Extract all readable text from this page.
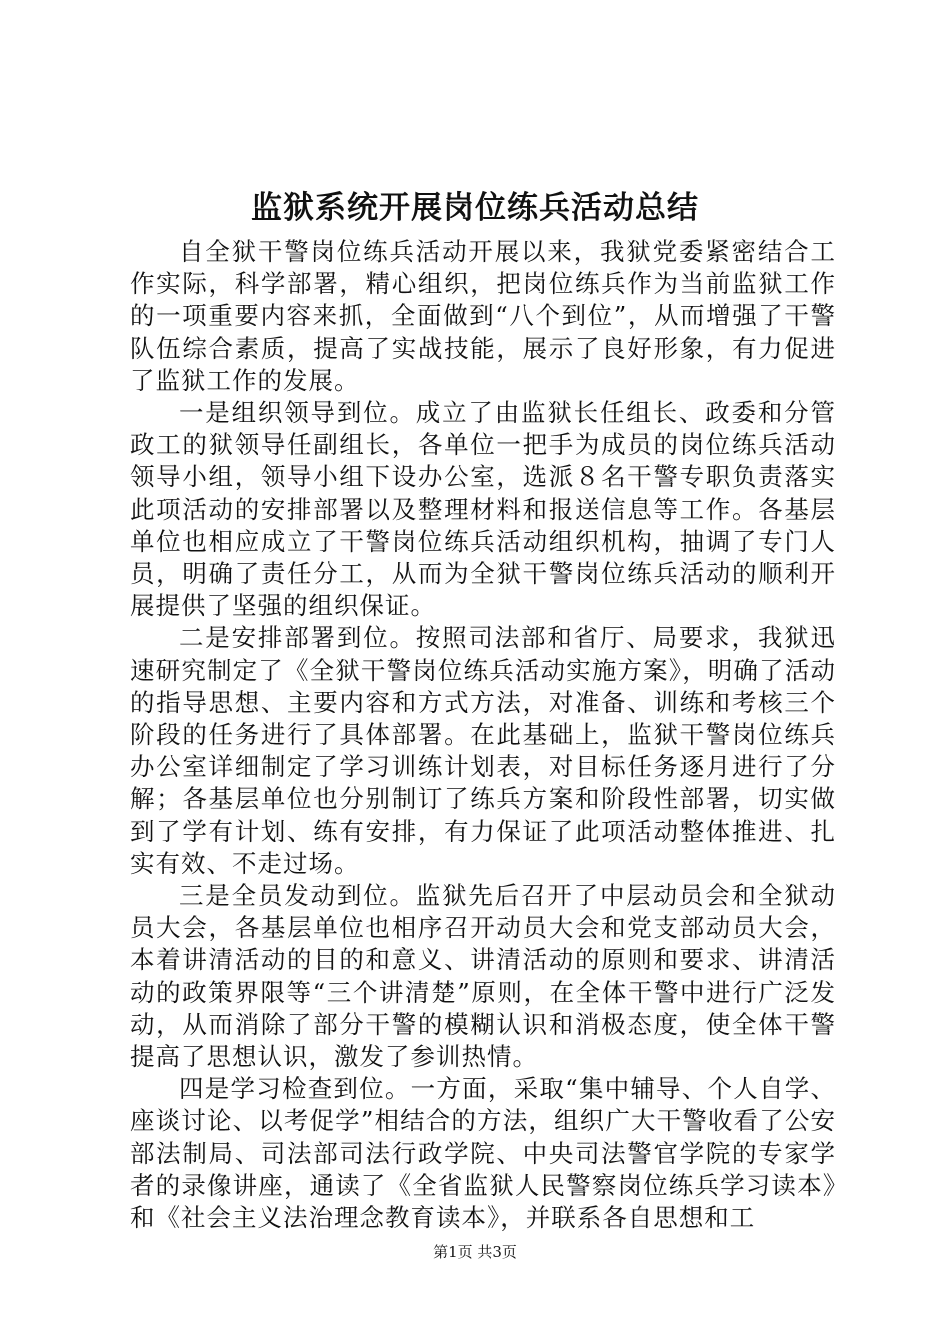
监狱系统开展岗位练兵活动总结

自全狱干警岗位练兵活动开展以来，我狱党委紧密结合工作实际，科学部署，精心组织，把岗位练兵作为当前监狱工作的一项重要内容来抓，全面做到“八个到位”，从而增强了干警队伍综合素质，提高了实战技能，展示了良好形象，有力促进了监狱工作的发展。

一是组织领导到位。成立了由监狱长任组长、政委和分管政工的狱领导任副组长，各单位一把手为成员的岗位练兵活动领导小组，领导小组下设办公室，选派８名干警专职负责落实此项活动的安排部署以及整理材料和报送信息等工作。各基层单位也相应成立了干警岗位练兵活动组织机构，抽调了专门人员，明确了责任分工，从而为全狱干警岗位练兵活动的顺利开展提供了坚强的组织保证。

二是安排部署到位。按照司法部和省厅、局要求，我狱迅速研究制定了《全狱干警岗位练兵活动实施方案》，明确了活动的指导思想、主要内容和方式方法，对准备、训练和考核三个阶段的任务进行了具体部署。在此基础上，监狱干警岗位练兵办公室详细制定了学习训练计划表，对目标任务逐月进行了分解；各基层单位也分别制订了练兵方案和阶段性部署，切实做到了学有计划、练有安排，有力保证了此项活动整体推进、扎实有效、不走过场。

三是全员发动到位。监狱先后召开了中层动员会和全狱动员大会，各基层单位也相序召开动员大会和党支部动员大会，本着讲清活动的目的和意义、讲清活动的原则和要求、讲清活动的政策界限等“三个讲清楚”原则，在全体干警中进行广泛发动，从而消除了部分干警的模糊认识和消极态度，使全体干警提高了思想认识，激发了参训热情。

四是学习检查到位。一方面，采取“集中辅导、个人自学、座谈讨论、以考促学”相结合的方法，组织广大干警收看了公安部法制局、司法部司法行政学院、中央司法警官学院的专家学者的录像讲座，通读了《全省监狱人民警察岗位练兵学习读本》和《社会主义法治理念教育读本》，并联系各自思想和工

第1页 共3页
